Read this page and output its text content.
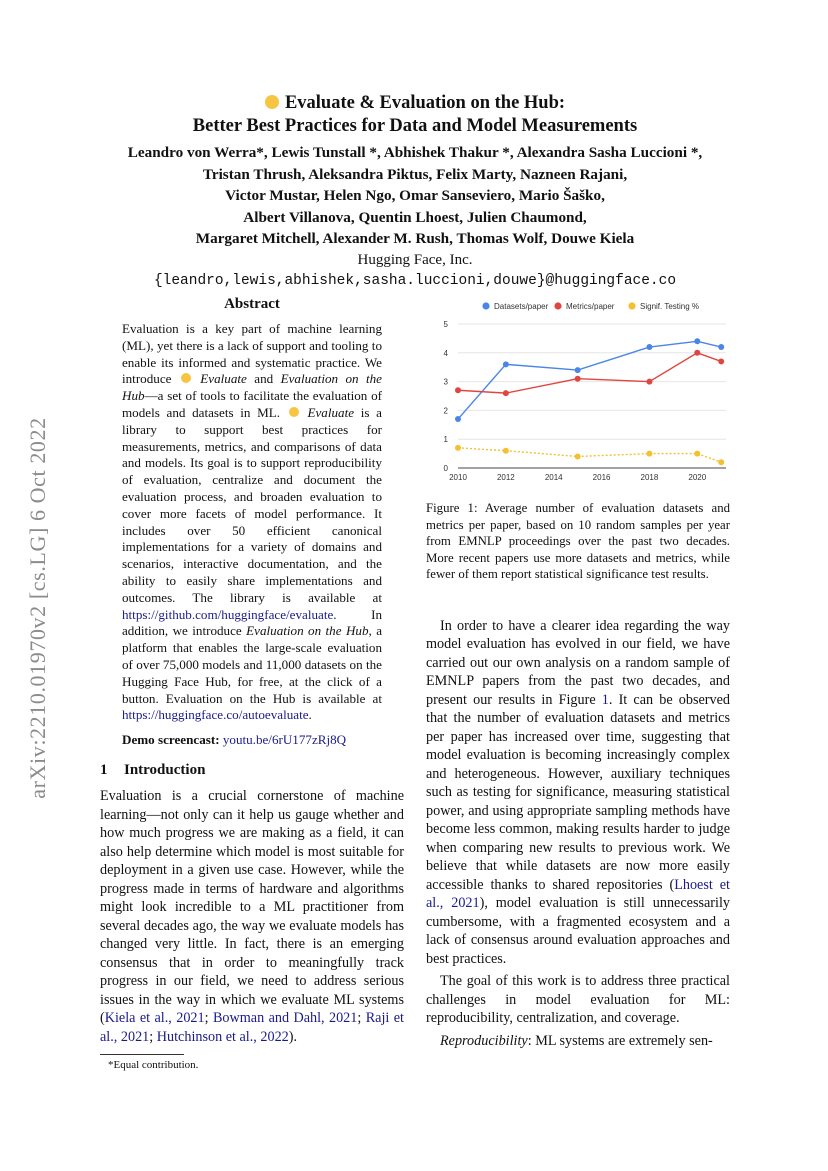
arXiv:2210.01970v2 [cs.LG] 6 Oct 2022
Evaluate & Evaluation on the Hub:
Better Best Practices for Data and Model Measurements
Leandro von Werra*, Lewis Tunstall *, Abhishek Thakur *, Alexandra Sasha Luccioni *,
Tristan Thrush, Aleksandra Piktus, Felix Marty, Nazneen Rajani,
Victor Mustar, Helen Ngo, Omar Sanseviero, Mario Šaško,
Albert Villanova, Quentin Lhoest, Julien Chaumond,
Margaret Mitchell, Alexander M. Rush, Thomas Wolf, Douwe Kiela
Hugging Face, Inc.
{leandro,lewis,abhishek,sasha.luccioni,douwe}@huggingface.co
Abstract

Evaluation is a key part of machine learning (ML), yet there is a lack of support and tooling to enable its informed and systematic practice. We introduce Evaluate and Evaluation on the Hub—a set of tools to facilitate the evaluation of models and datasets in ML. Evaluate is a library to support best practices for measurements, metrics, and comparisons of data and models. Its goal is to support reproducibility of evaluation, centralize and document the evaluation process, and broaden evaluation to cover more facets of model performance. It includes over 50 efficient canonical implementations for a variety of domains and scenarios, interactive documentation, and the ability to easily share implementations and outcomes. The library is available at https://github.com/huggingface/evaluate. In addition, we introduce Evaluation on the Hub, a platform that enables the large-scale evaluation of over 75,000 models and 11,000 datasets on the Hugging Face Hub, for free, at the click of a button. Evaluation on the Hub is available at https://huggingface.co/autoevaluate.

Demo screencast: youtu.be/6rU177zRj8Q
1 Introduction

Evaluation is a crucial cornerstone of machine learning—not only can it help us gauge whether and how much progress we are making as a field, it can also help determine which model is most suitable for deployment in a given use case. However, while the progress made in terms of hardware and algorithms might look incredible to a ML practitioner from several decades ago, the way we evaluate models has changed very little. In fact, there is an emerging consensus that in order to meaningfully track progress in our field, we need to address serious issues in the way in which we evaluate ML systems (Kiela et al., 2021; Bowman and Dahl, 2021; Raji et al., 2021; Hutchinson et al., 2022).

*Equal contribution.
0
1
2
3
4
5
2010	2012	2014	2016	2018	2020
Datasets/paper Metrics/paper	Signif. Testing %
Figure 1: Average number of evaluation datasets and metrics per paper, based on 10 random samples per year from EMNLP proceedings over the past two decades. More recent papers use more datasets and metrics, while fewer of them report statistical significance test results.

In order to have a clearer idea regarding the way model evaluation has evolved in our field, we have carried out our own analysis on a random sample of EMNLP papers from the past two decades, and present our results in Figure 1. It can be observed that the number of evaluation datasets and metrics per paper has increased over time, suggesting that model evaluation is becoming increasingly complex and heterogeneous. However, auxiliary techniques such as testing for significance, measuring statistical power, and using appropriate sampling methods have become less common, making results harder to judge when comparing new results to previous work. We believe that while datasets are now more easily accessible thanks to shared repositories (Lhoest et al., 2021), model evaluation is still unnecessarily cumbersome, with a fragmented ecosystem and a lack of consensus around evaluation approaches and best practices.

The goal of this work is to address three practical challenges in model evaluation for ML: reproducibility, centralization, and coverage.

Reproducibility: ML systems are extremely sen-
